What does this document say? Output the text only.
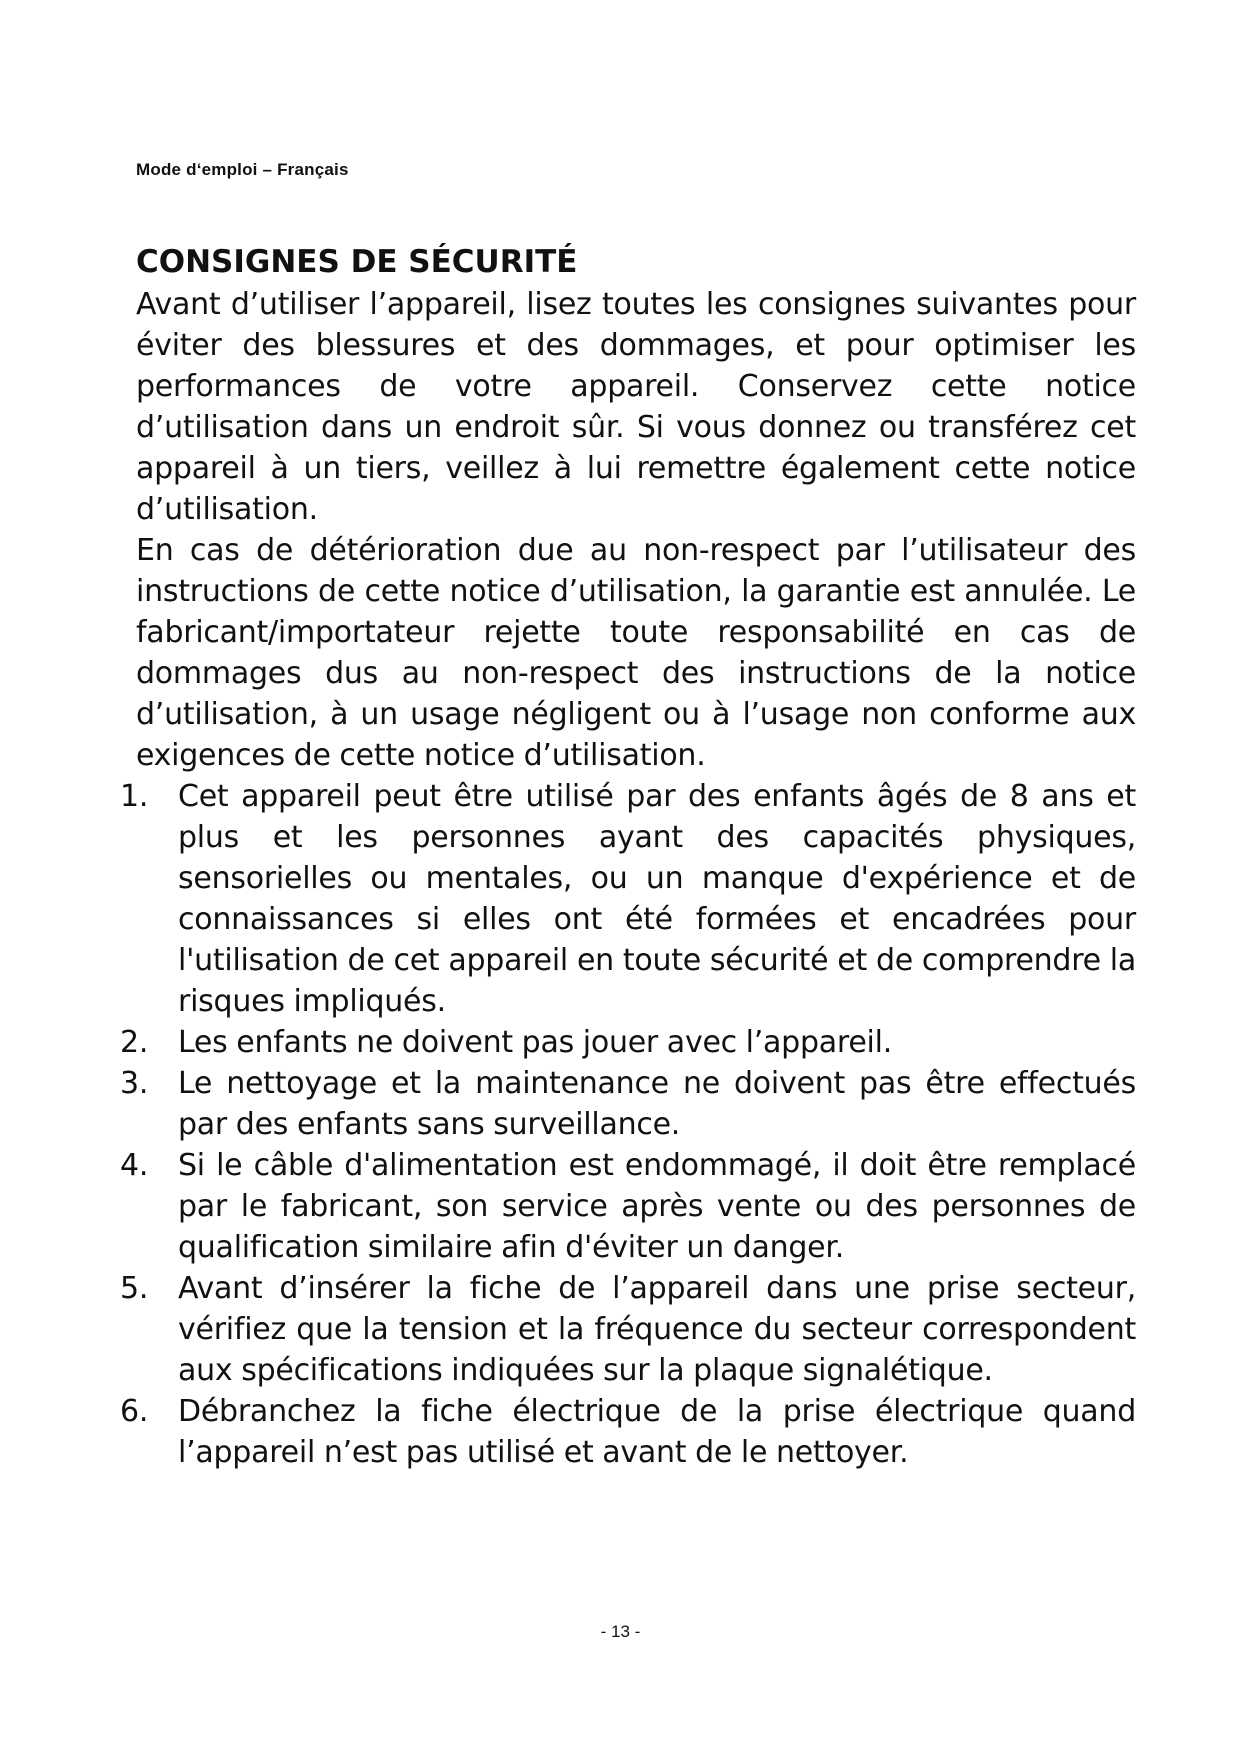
Mode d‘emploi – Français
CONSIGNES DE SÉCURITÉ

Avant d’utiliser l’appareil, lisez toutes les consignes suivantes pour éviter des blessures et des dommages, et pour optimiser les performances de votre appareil. Conservez cette notice d’utilisation dans un endroit sûr. Si vous donnez ou transférez cet appareil à un tiers, veillez à lui remettre également cette notice d’utilisation.

En cas de détérioration due au non-respect par l’utilisateur des instructions de cette notice d’utilisation, la garantie est annulée. Le fabricant/importateur rejette toute responsabilité en cas de dommages dus au non-respect des instructions de la notice d’utilisation, à un usage négligent ou à l’usage non conforme aux exigences de cette notice d’utilisation.

1. Cet appareil peut être utilisé par des enfants âgés de 8 ans et plus et les personnes ayant des capacités physiques, sensorielles ou mentales, ou un manque d'expérience et de connaissances si elles ont été formées et encadrées pour l'utilisation de cet appareil en toute sécurité et de comprendre la risques impliqués.
2. Les enfants ne doivent pas jouer avec l’appareil.
3. Le nettoyage et la maintenance ne doivent pas être effectués par des enfants sans surveillance.
4. Si le câble d'alimentation est endommagé, il doit être remplacé par le fabricant, son service après vente ou des personnes de qualification similaire afin d'éviter un danger.
5. Avant d’insérer la fiche de l’appareil dans une prise secteur, vérifiez que la tension et la fréquence du secteur correspondent aux spécifications indiquées sur la plaque signalétique.
6. Débranchez la fiche électrique de la prise électrique quand l’appareil n’est pas utilisé et avant de le nettoyer.
- 13 -
